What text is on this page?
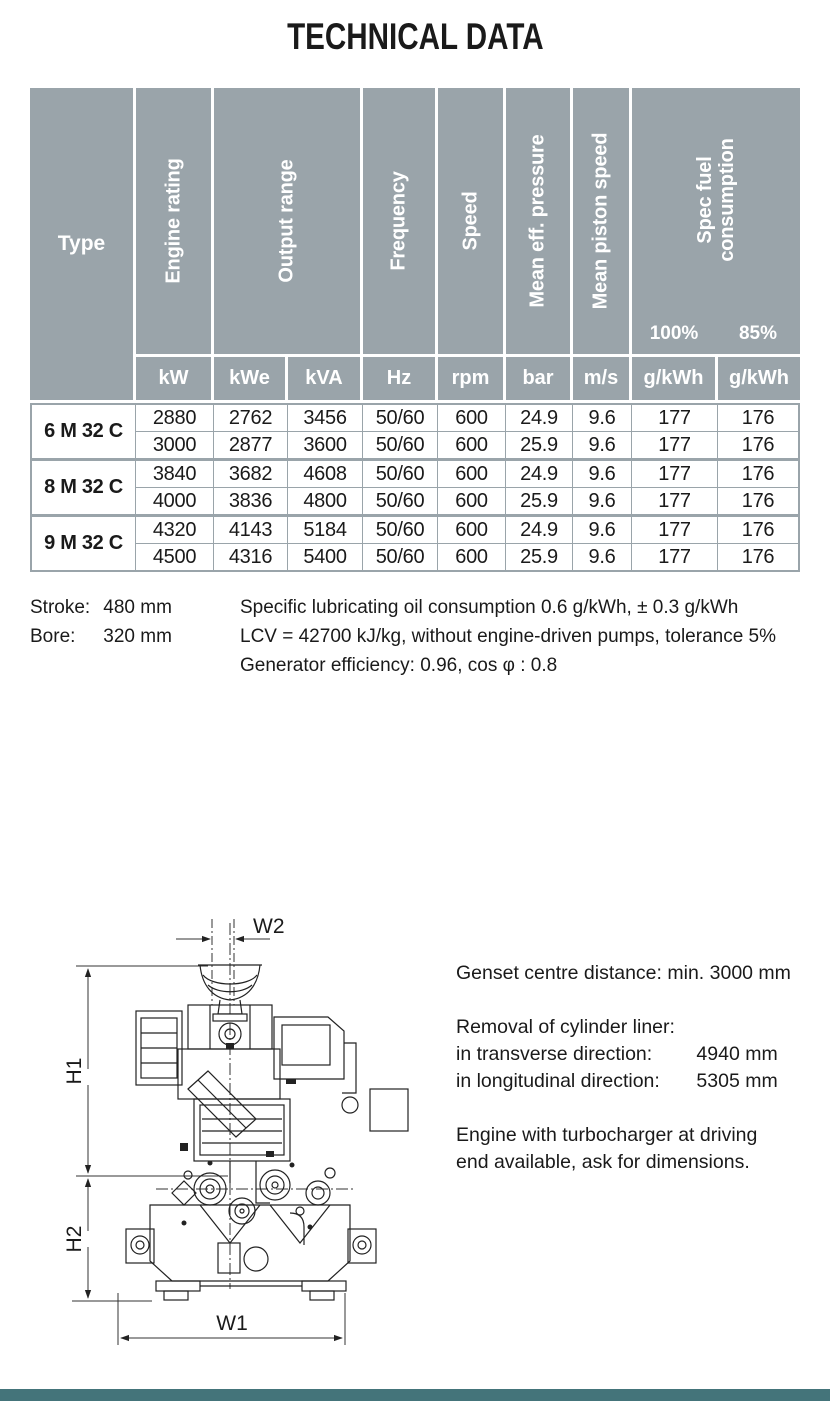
TECHNICAL DATA
Type	Engine rating	Output range		Frequency	Speed	Mean eff. pressure	Mean piston speed	Spec fuel consumption
100% 85%	

	kW	kWe	kVA	Hz	rpm	bar	m/s	g/kWh	g/kWh
6 M 32 C	2880	2762	3456	50/60	600	24.9	9.6	177	176
	3000	2877	3600	50/60	600	25.9	9.6	177	176
8 M 32 C	3840	3682	4608	50/60	600	24.9	9.6	177	176
	4000	3836	4800	50/60	600	25.9	9.6	177	176
9 M 32 C	4320	4143	5184	50/60	600	24.9	9.6	177	176
	4500	4316	5400	50/60	600	25.9	9.6	177	176
Stroke: 480 mm
Bore: 320 mm
Specific lubricating oil consumption 0.6 g/kWh, ± 0.3 g/kWh
LCV = 42700 kJ/kg, without engine-driven pumps, tolerance 5%
Generator efficiency: 0.96, cos φ : 0.8
W2
H1
H2
W1
Genset centre distance: min. 3000 mm
Removal of cylinder liner:
in transverse direction: 4940 mm
in longitudinal direction: 5305 mm
Engine with turbocharger at driving
end available, ask for dimensions.
